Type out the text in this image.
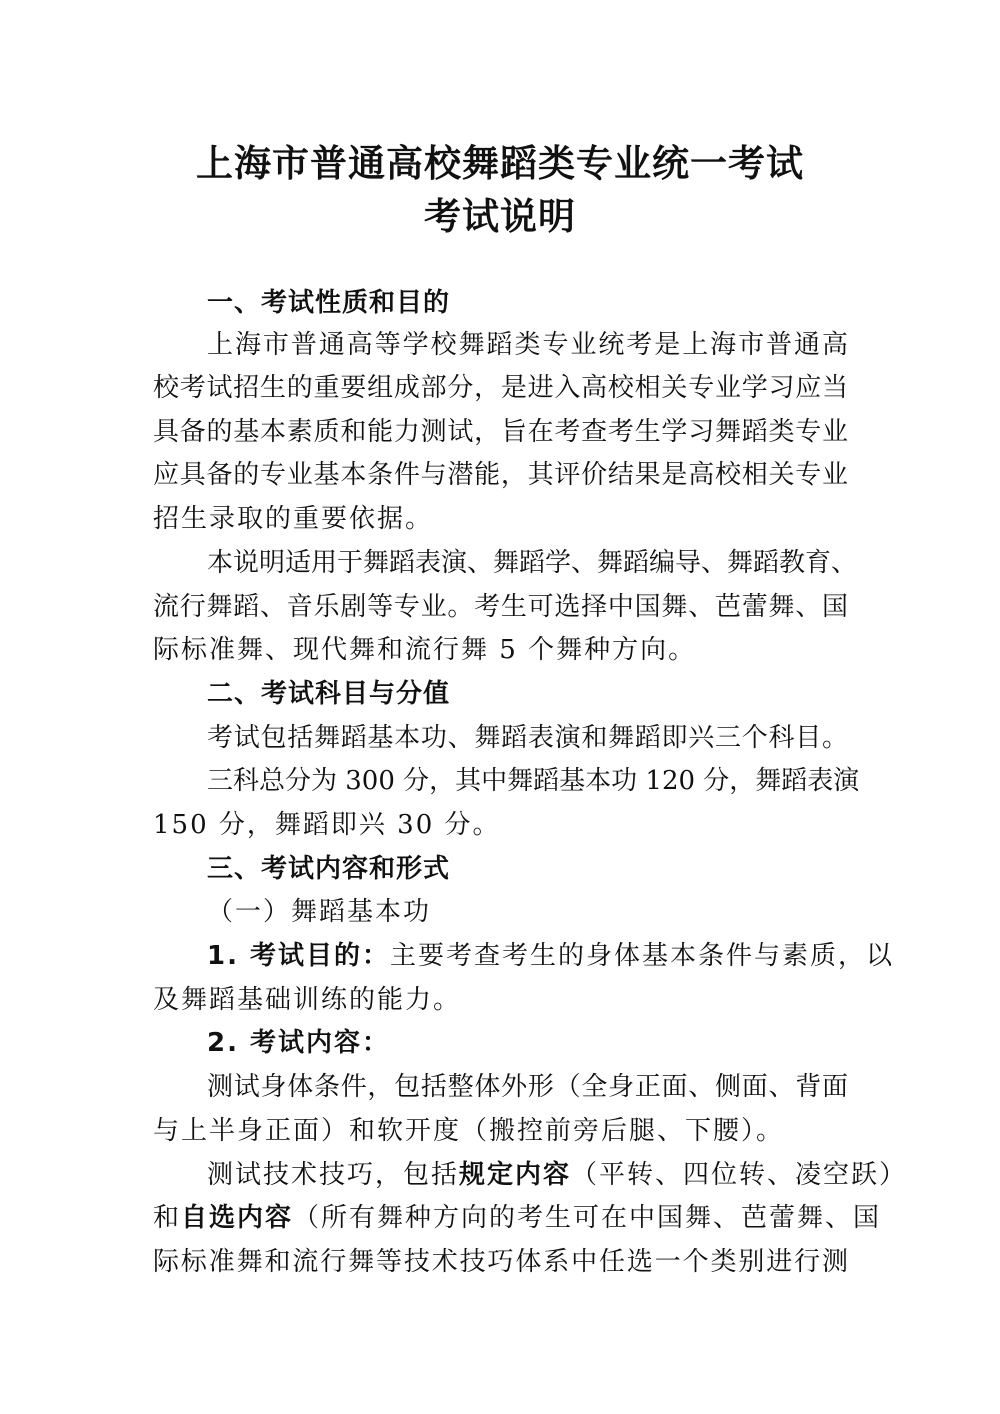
上海市普通高校舞蹈类专业统一考试
考试说明
一、考试性质和目的
上海市普通高等学校舞蹈类专业统考是上海市普通高
校考试招生的重要组成部分，是进入高校相关专业学习应当
具备的基本素质和能力测试，旨在考查考生学习舞蹈类专业
应具备的专业基本条件与潜能，其评价结果是高校相关专业
招生录取的重要依据。
本说明适用于舞蹈表演、舞蹈学、舞蹈编导、舞蹈教育、
流行舞蹈、音乐剧等专业。考生可选择中国舞、芭蕾舞、国
际标准舞、现代舞和流行舞 5 个舞种方向。
二、考试科目与分值
考试包括舞蹈基本功、舞蹈表演和舞蹈即兴三个科目。
三科总分为 300 分，其中舞蹈基本功 120 分，舞蹈表演
150 分，舞蹈即兴 30 分。
三、考试内容和形式
（一）舞蹈基本功
1. 考试目的：主要考查考生的身体基本条件与素质，以
及舞蹈基础训练的能力。
2. 考试内容：
测试身体条件，包括整体外形（全身正面、侧面、背面
与上半身正面）和软开度（搬控前旁后腿、下腰）。
测试技术技巧，包括规定内容（平转、四位转、凌空跃）
和自选内容（所有舞种方向的考生可在中国舞、芭蕾舞、国
际标准舞和流行舞等技术技巧体系中任选一个类别进行测
